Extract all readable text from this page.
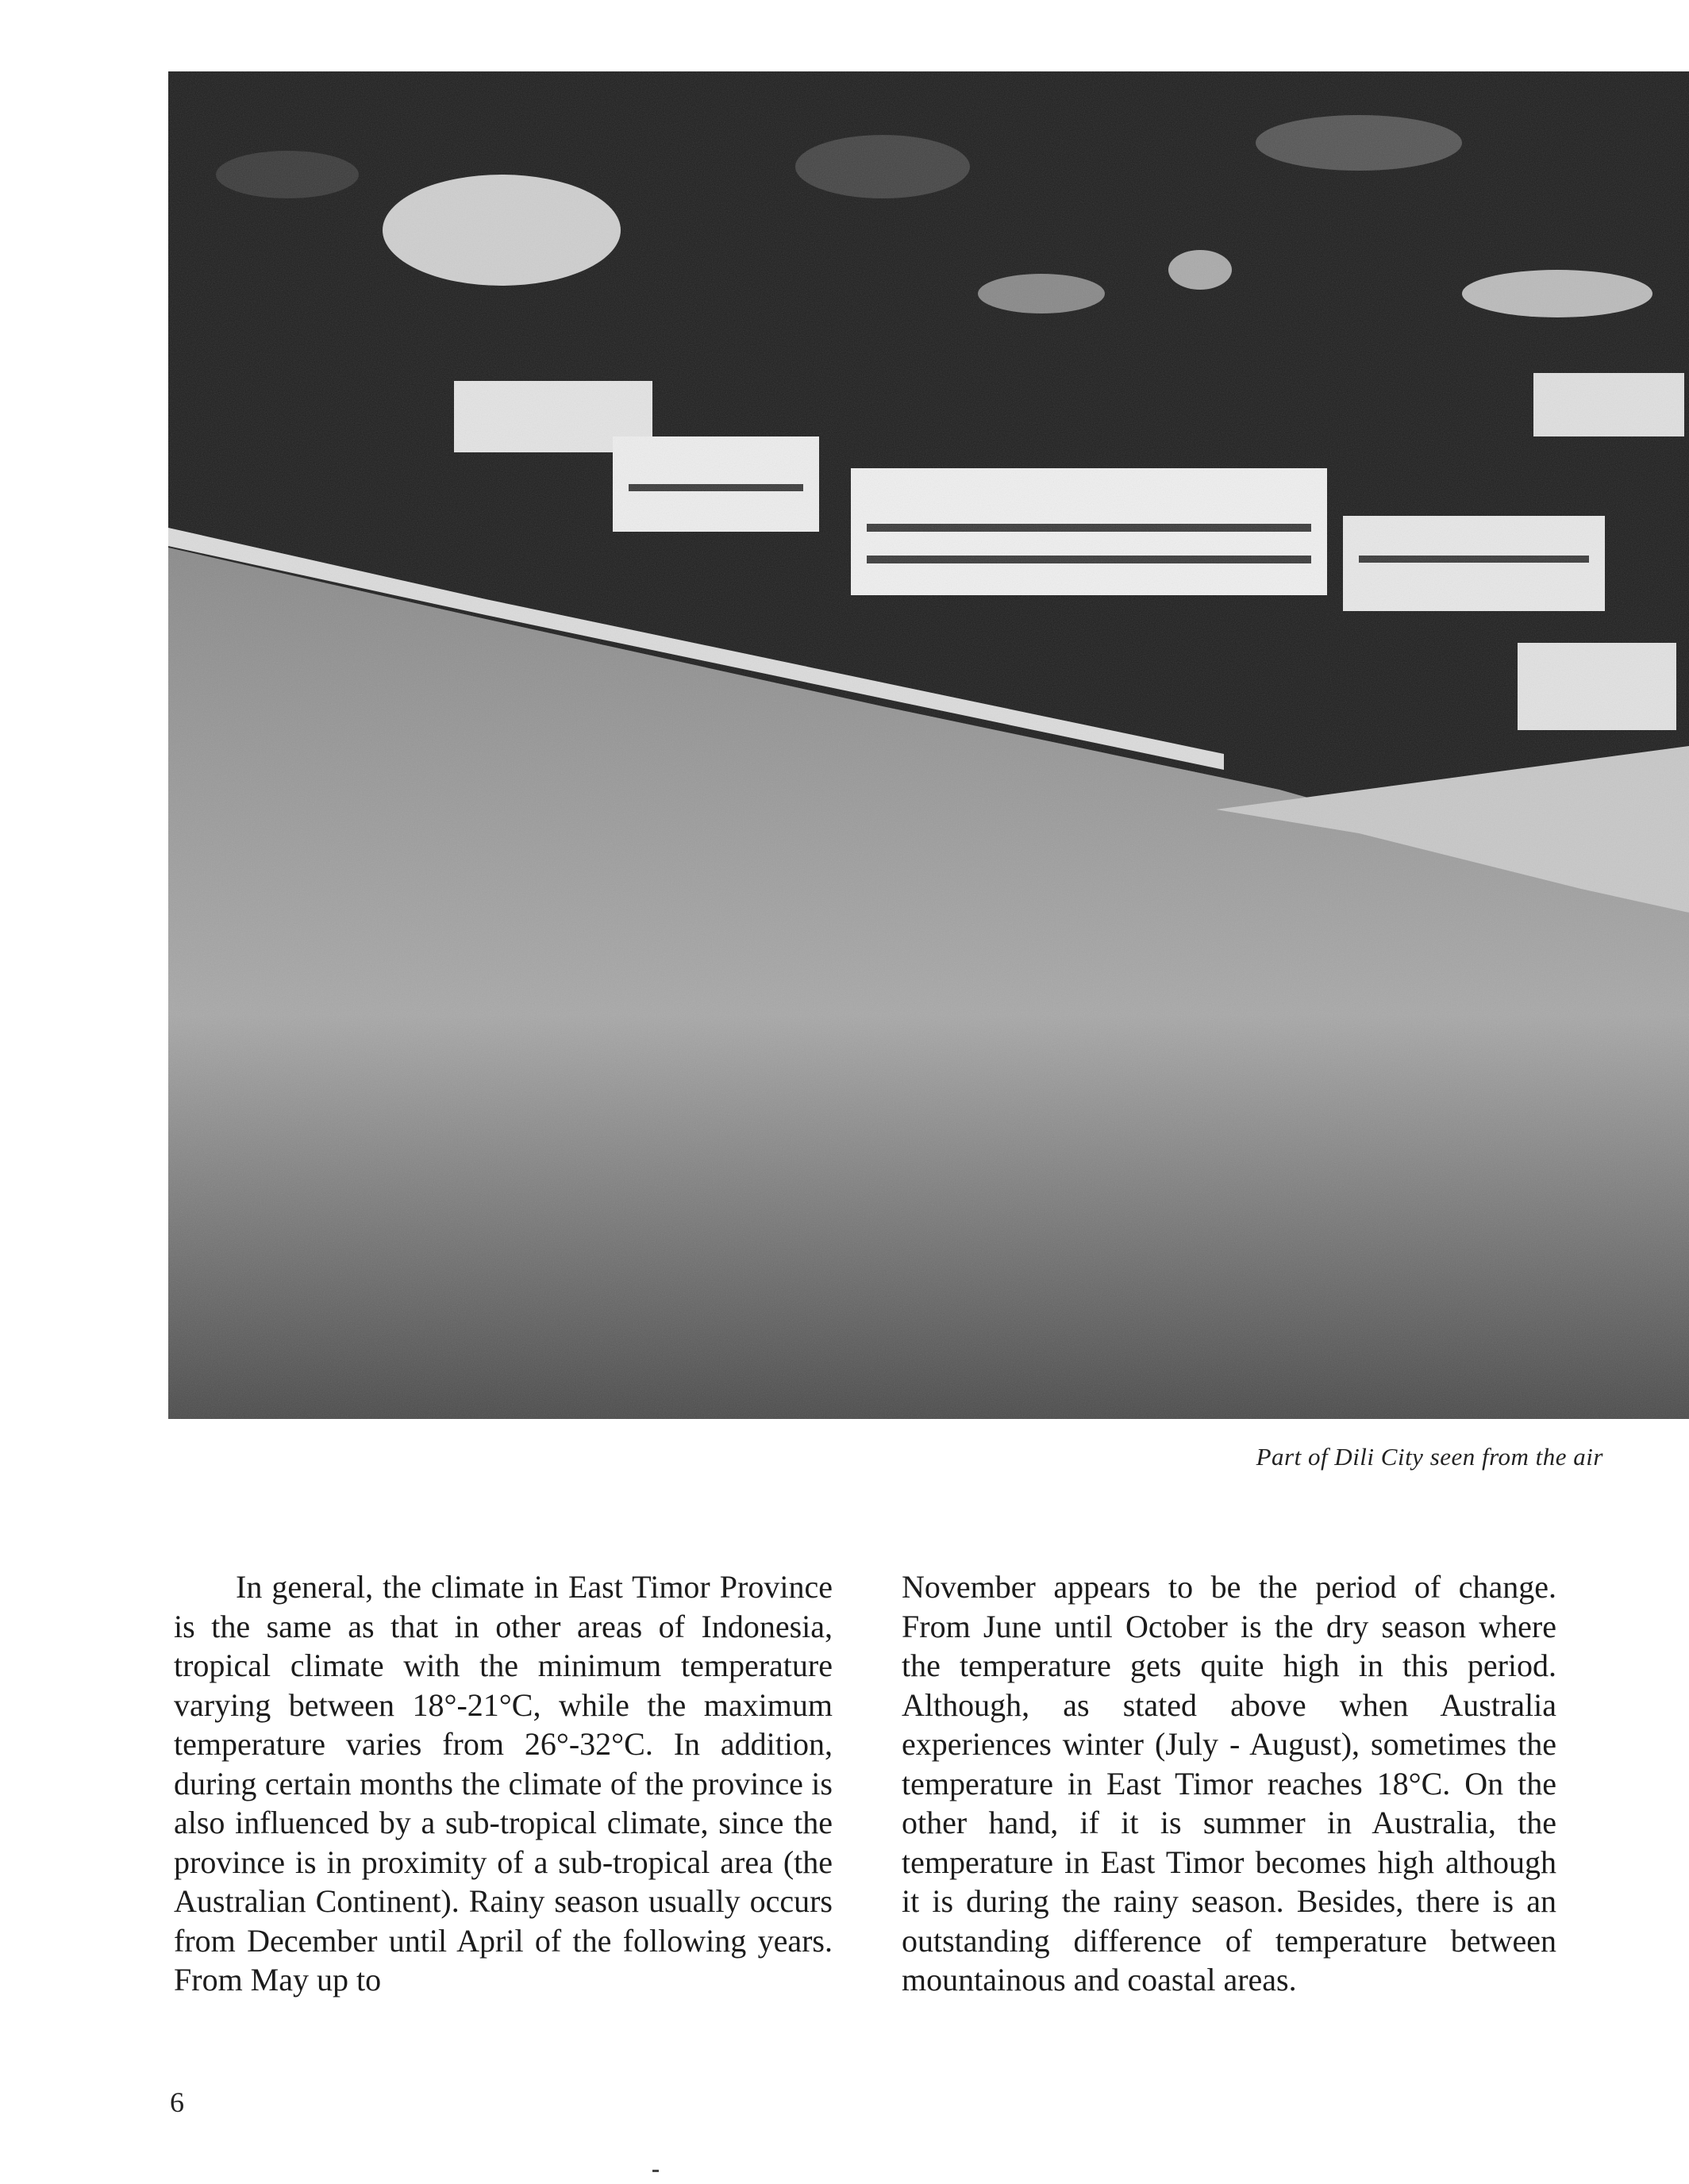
Part of Dili City seen from the air

In general, the climate in East Timor Province is the same as that in other areas of Indonesia, tropical climate with the minimum temperature varying between 18°-21°C, while the maximum temperature varies from 26°-32°C. In addition, during certain months the climate of the province is also influenced by a sub-tropical climate, since the province is in proximity of a sub-tropical area (the Australian Continent). Rainy season usually occurs from December until April of the following years. From May up to

November appears to be the period of change. From June until October is the dry season where the temperature gets quite high in this period. Although, as stated above when Australia experiences winter (July - August), sometimes the temperature in East Timor reaches 18°C. On the other hand, if it is summer in Australia, the temperature in East Timor becomes high although it is during the rainy season. Besides, there is an outstanding difference of temperature between mountainous and coastal areas.

6
